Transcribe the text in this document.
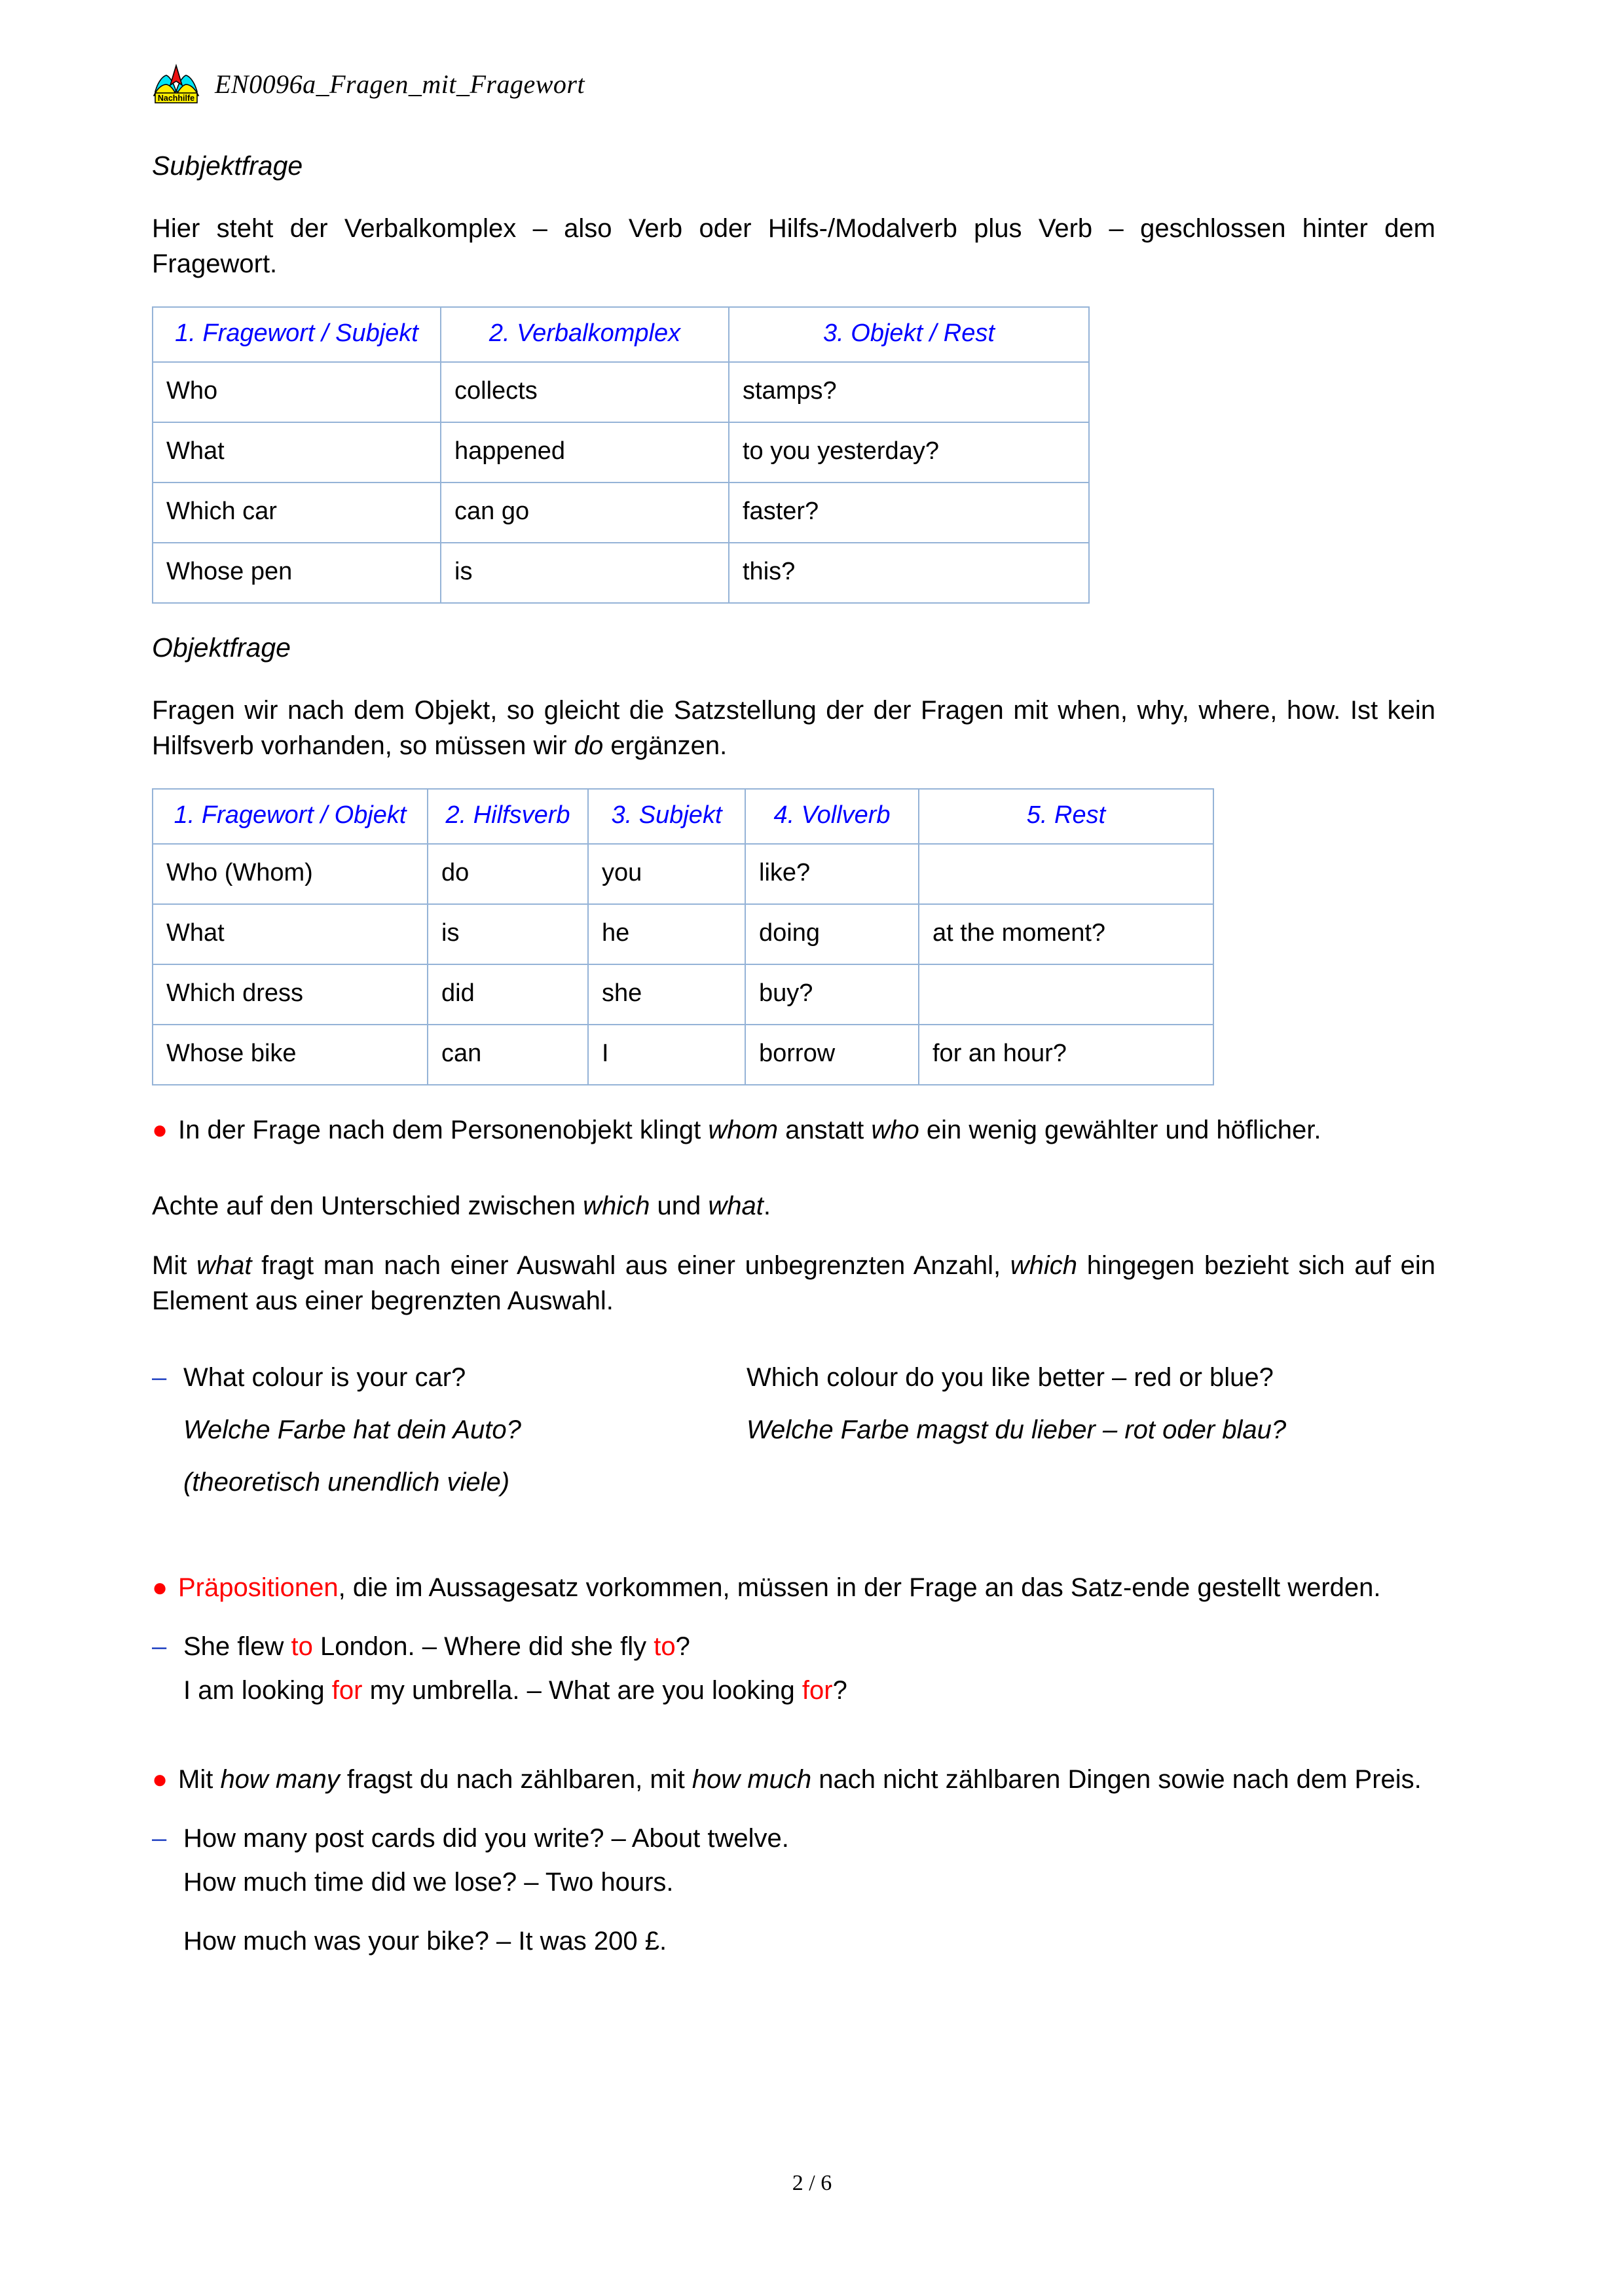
Nachhilfe EN0096a_Fragen_mit_Fragewort
Subjektfrage

Hier steht der Verbalkomplex – also Verb oder Hilfs-/Modalverb plus Verb – geschlossen hinter dem Fragewort.

1. Fragewort / Subjekt	2. Verbalkomplex	3. Objekt / Rest
Who	collects	stamps?
What	happened	to you yesterday?
Which car	can go	faster?
Whose pen	is	this?
Objektfrage

Fragen wir nach dem Objekt, so gleicht die Satzstellung der der Fragen mit when, why, where, how. Ist kein Hilfsverb vorhanden, so müssen wir do ergänzen.

1. Fragewort / Objekt	2. Hilfsverb	3. Subjekt	4. Vollverb	5. Rest
Who (Whom)	do	you	like?	
What	is	he	doing	at the moment?
Which dress	did	she	buy?	
Whose bike	can	I	borrow	for an hour?
● In der Frage nach dem Personenobjekt klingt whom anstatt who ein wenig gewählter und höflicher.

Achte auf den Unterschied zwischen which und what.

Mit what fragt man nach einer Auswahl aus einer unbegrenzten Anzahl, which hingegen bezieht sich auf ein Element aus einer begrenzten Auswahl.

– What colour is your car?	Which colour do you like better – red or blue?
Welche Farbe hat dein Auto?	Welche Farbe magst du lieber – rot oder blau?
(theoretisch unendlich viele)
● Präpositionen, die im Aussagesatz vorkommen, müssen in der Frage an das Satz-ende gestellt werden.
– She flew to London. – Where did she fly to?
I am looking for my umbrella. – What are you looking for?
● Mit how many fragst du nach zählbaren, mit how much nach nicht zählbaren Dingen sowie nach dem Preis.
– How many post cards did you write? – About twelve.
How much time did we lose? – Two hours.
How much was your bike? – It was 200 £.
2 / 6
